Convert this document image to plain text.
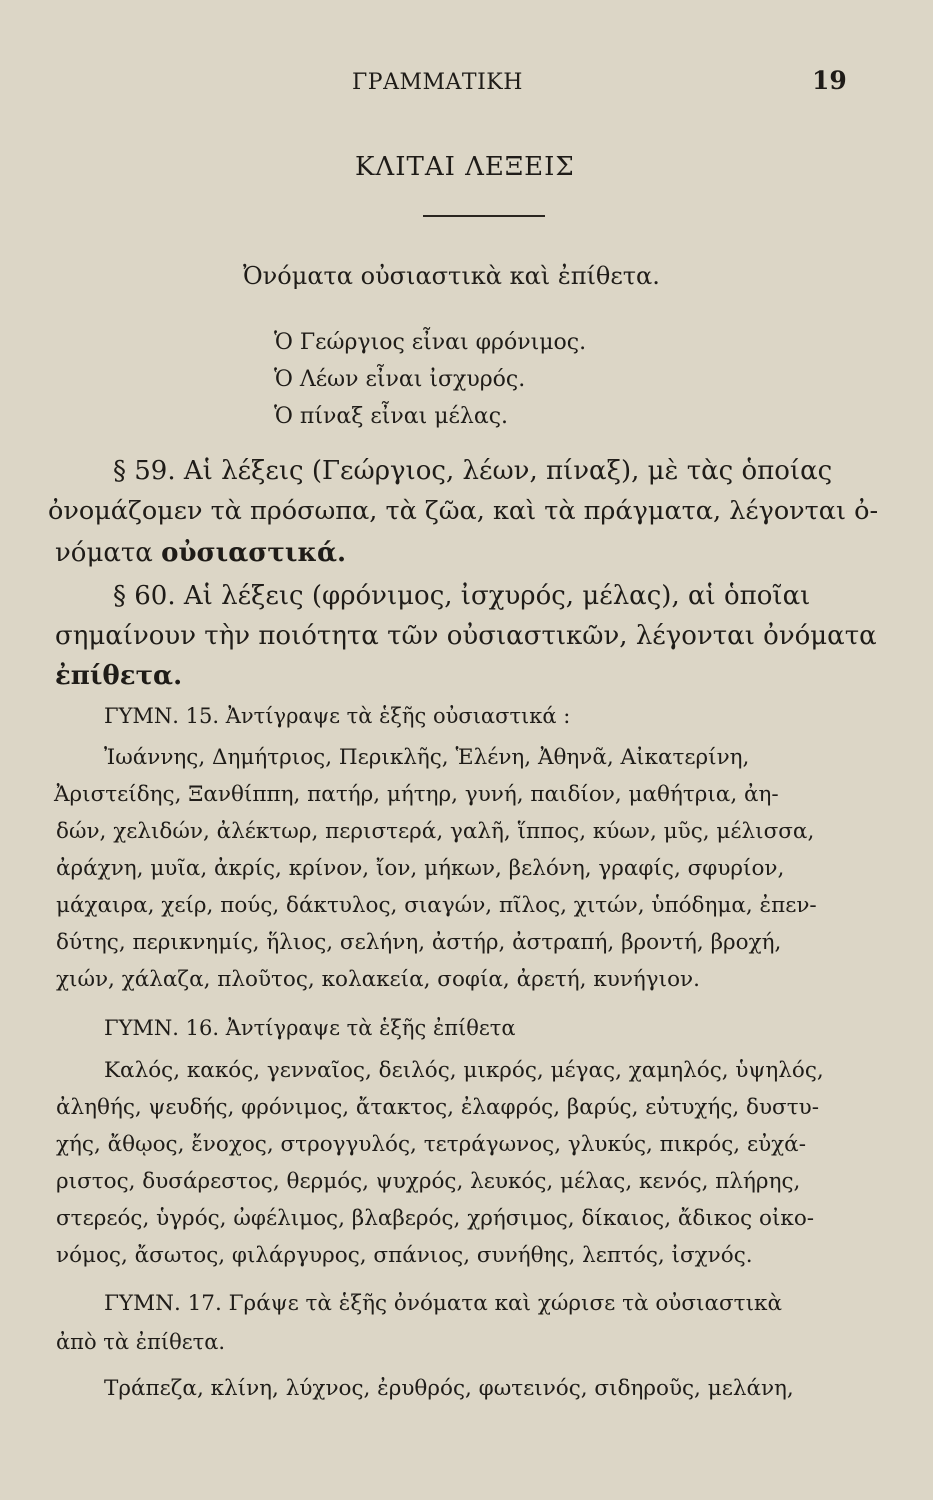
ΓΡΑΜΜΑΤΙΚΗ	19
ΚΛΙΤΑΙ ΛΕΞΕΙΣ
Ὀνόματα οὐσιαστικὰ καὶ ἐπίθετα.
Ὁ Γεώργιος εἶναι φρόνιμος.
Ὁ Λέων εἶναι ἰσχυρός.
Ὁ πίναξ εἶναι μέλας.
§ 59. Αἱ λέξεις (Γεώργιος, λέων, πίναξ), μὲ τὰς ὁποίας
ὀνομάζομεν τὰ πρόσωπα, τὰ ζῶα, καὶ τὰ πράγματα, λέγονται ὀ-
νόματα οὐσιαστικά.
§ 60. Αἱ λέξεις (φρόνιμος, ἰσχυρός, μέλας), αἱ ὁποῖαι
σημαίνουν τὴν ποιότητα τῶν οὐσιαστικῶν, λέγονται ὀνόματα
ἐπίθετα.
ΓΥΜΝ. 15. Ἀντίγραψε τὰ ἑξῆς οὐσιαστικά :
Ἰωάννης, Δημήτριος, Περικλῆς, Ἑλένη, Ἀθηνᾶ, Αἰκατερίνη,
Ἀριστείδης, Ξανθίππη, πατήρ, μήτηρ, γυνή, παιδίον, μαθήτρια, ἀη-
δών, χελιδών, ἀλέκτωρ, περιστερά, γαλῆ, ἵππος, κύων, μῦς, μέλισσα,
ἀράχνη, μυῖα, ἀκρίς, κρίνον, ἴον, μήκων, βελόνη, γραφίς, σφυρίον,
μάχαιρα, χείρ, πούς, δάκτυλος, σιαγών, πῖλος, χιτών, ὑπόδημα, ἐπεν-
δύτης, περικνημίς, ἥλιος, σελήνη, ἀστήρ, ἀστραπή, βροντή, βροχή,
χιών, χάλαζα, πλοῦτος, κολακεία, σοφία, ἀρετή, κυνήγιον.
ΓΥΜΝ. 16. Ἀντίγραψε τὰ ἑξῆς ἐπίθετα
Καλός, κακός, γενναῖος, δειλός, μικρός, μέγας, χαμηλός, ὑψηλός,
ἀληθής, ψευδής, φρόνιμος, ἄτακτος, ἐλαφρός, βαρύς, εὐτυχής, δυστυ-
χής, ἄθῳος, ἔνοχος, στρογγυλός, τετράγωνος, γλυκύς, πικρός, εὐχά-
ριστος, δυσάρεστος, θερμός, ψυχρός, λευκός, μέλας, κενός, πλήρης,
στερεός, ὑγρός, ὠφέλιμος, βλαβερός, χρήσιμος, δίκαιος, ἄδικος οἰκο-
νόμος, ἄσωτος, φιλάργυρος, σπάνιος, συνήθης, λεπτός, ἰσχνός.
ΓΥΜΝ. 17. Γράψε τὰ ἑξῆς ὀνόματα καὶ χώρισε τὰ οὐσιαστικὰ
ἀπὸ τὰ ἐπίθετα.
Τράπεζα, κλίνη, λύχνος, ἐρυθρός, φωτεινός, σιδηροῦς, μελάνη,
